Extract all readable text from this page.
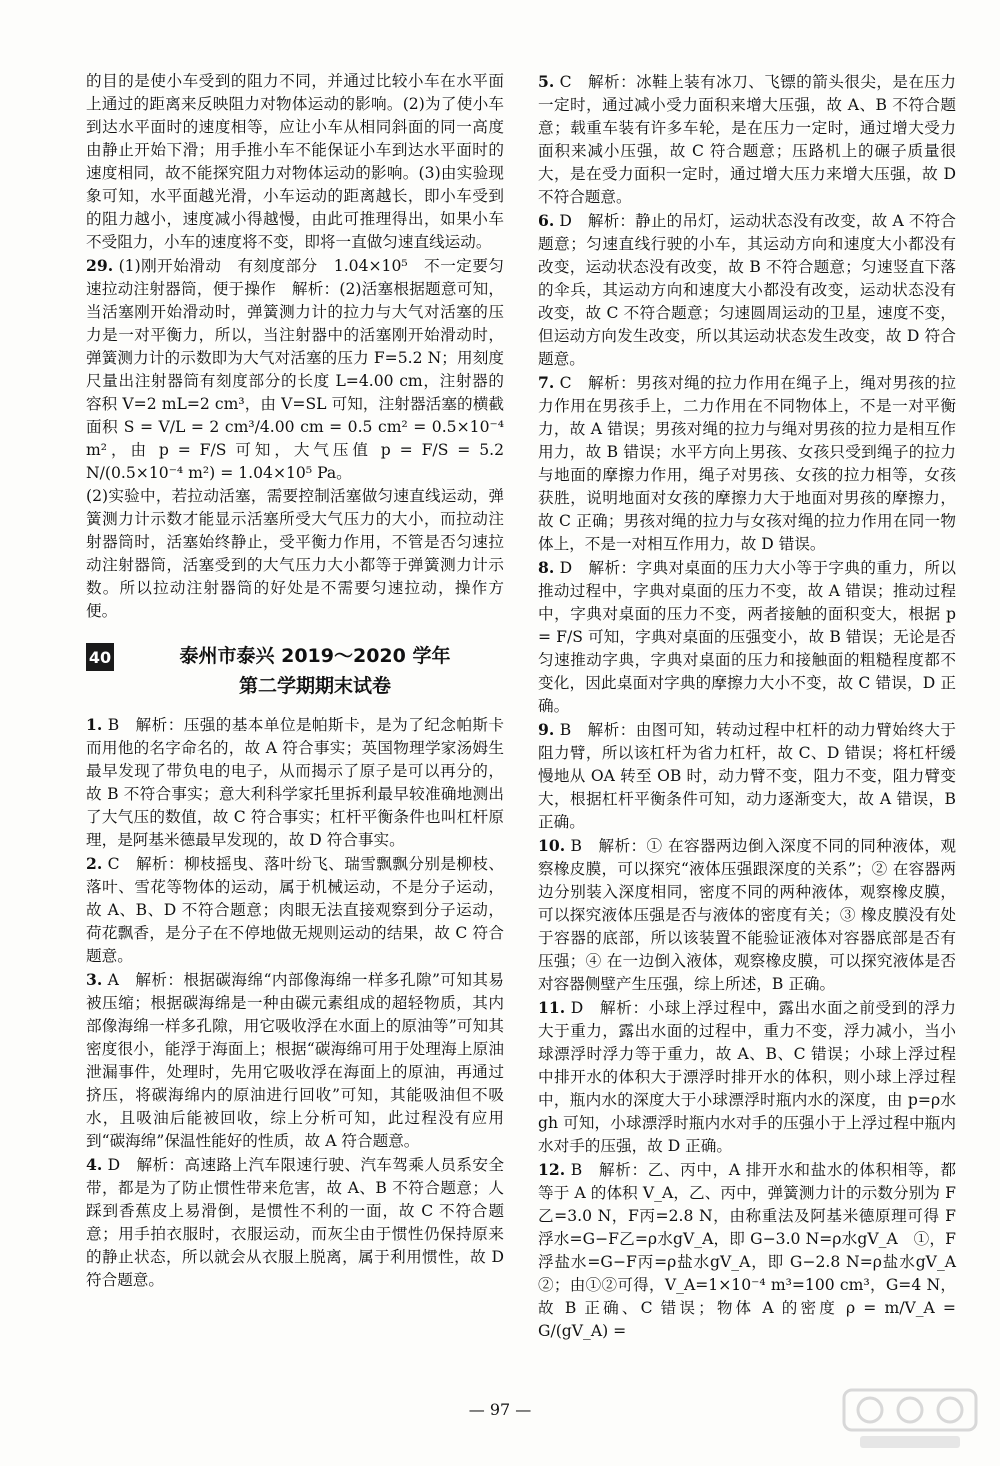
的目的是使小车受到的阻力不同，并通过比较小车在水平面上通过的距离来反映阻力对物体运动的影响。(2)为了使小车到达水平面时的速度相等，应让小车从相同斜面的同一高度由静止开始下滑；用手推小车不能保证小车到达水平面时的速度相同，故不能探究阻力对物体运动的影响。(3)由实验现象可知，水平面越光滑，小车运动的距离越长，即小车受到的阻力越小，速度减小得越慢，由此可推理得出，如果小车不受阻力，小车的速度将不变，即将一直做匀速直线运动。

29. (1)刚开始滑动　有刻度部分　1.04×10⁵　不一定要匀速拉动注射器筒，便于操作　解析：(2)活塞根据题意可知，当活塞刚开始滑动时，弹簧测力计的拉力与大气对活塞的压力是一对平衡力，所以，当注射器中的活塞刚开始滑动时，弹簧测力计的示数即为大气对活塞的压力 F=5.2 N；用刻度尺量出注射器筒有刻度部分的长度 L=4.00 cm，注射器的容积 V=2 mL=2 cm³，由 V=SL 可知，注射器活塞的横截面积 S = V/L = 2 cm³/4.00 cm = 0.5 cm² = 0.5×10⁻⁴ m²，由 p = F/S 可知，大气压值 p = F/S = 5.2 N/(0.5×10⁻⁴ m²) = 1.04×10⁵ Pa。

(2)实验中，若拉动活塞，需要控制活塞做匀速直线运动，弹簧测力计示数才能显示活塞所受大气压力的大小，而拉动注射器筒时，活塞始终静止，受平衡力作用，不管是否匀速拉动注射器筒，活塞受到的大气压力大小都等于弹簧测力计示数。所以拉动注射器筒的好处是不需要匀速拉动，操作方便。

40	泰州市泰兴 2019～2020 学年
第二学期期末试卷

1. B　解析：压强的基本单位是帕斯卡，是为了纪念帕斯卡而用他的名字命名的，故 A 符合事实；英国物理学家汤姆生最早发现了带负电的电子，从而揭示了原子是可以再分的，故 B 不符合事实；意大利科学家托里拆利最早较准确地测出了大气压的数值，故 C 符合事实；杠杆平衡条件也叫杠杆原理，是阿基米德最早发现的，故 D 符合事实。

2. C　解析：柳枝摇曳、落叶纷飞、瑞雪飘飘分别是柳枝、落叶、雪花等物体的运动，属于机械运动，不是分子运动，故 A、B、D 不符合题意；肉眼无法直接观察到分子运动，荷花飘香，是分子在不停地做无规则运动的结果，故 C 符合题意。

3. A　解析：根据碳海绵“内部像海绵一样多孔隙”可知其易被压缩；根据碳海绵是一种由碳元素组成的超轻物质，其内部像海绵一样多孔隙，用它吸收浮在水面上的原油等”可知其密度很小，能浮于海面上；根据“碳海绵可用于处理海上原油泄漏事件，处理时，先用它吸收浮在海面上的原油，再通过挤压，将碳海绵内的原油进行回收”可知，其能吸油但不吸水，且吸油后能被回收，综上分析可知，此过程没有应用到“碳海绵”保温性能好的性质，故 A 符合题意。

4. D　解析：高速路上汽车限速行驶、汽车驾乘人员系安全带，都是为了防止惯性带来危害，故 A、B 不符合题意；人踩到香蕉皮上易滑倒，是惯性不利的一面，故 C 不符合题意；用手拍衣服时，衣服运动，而灰尘由于惯性仍保持原来的静止状态，所以就会从衣服上脱离，属于利用惯性，故 D 符合题意。

5. C　解析：冰鞋上装有冰刀、飞镖的箭头很尖，是在压力一定时，通过减小受力面积来增大压强，故 A、B 不符合题意；载重车装有许多车轮，是在压力一定时，通过增大受力面积来减小压强，故 C 符合题意；压路机上的碾子质量很大，是在受力面积一定时，通过增大压力来增大压强，故 D 不符合题意。

6. D　解析：静止的吊灯，运动状态没有改变，故 A 不符合题意；匀速直线行驶的小车，其运动方向和速度大小都没有改变，运动状态没有改变，故 B 不符合题意；匀速竖直下落的伞兵，其运动方向和速度大小都没有改变，运动状态没有改变，故 C 不符合题意；匀速圆周运动的卫星，速度不变，但运动方向发生改变，所以其运动状态发生改变，故 D 符合题意。

7. C　解析：男孩对绳的拉力作用在绳子上，绳对男孩的拉力作用在男孩手上，二力作用在不同物体上，不是一对平衡力，故 A 错误；男孩对绳的拉力与绳对男孩的拉力是相互作用力，故 B 错误；水平方向上男孩、女孩只受到绳子的拉力与地面的摩擦力作用，绳子对男孩、女孩的拉力相等，女孩获胜，说明地面对女孩的摩擦力大于地面对男孩的摩擦力，故 C 正确；男孩对绳的拉力与女孩对绳的拉力作用在同一物体上，不是一对相互作用力，故 D 错误。

8. D　解析：字典对桌面的压力大小等于字典的重力，所以推动过程中，字典对桌面的压力不变，故 A 错误；推动过程中，字典对桌面的压力不变，两者接触的面积变大，根据 p = F/S 可知，字典对桌面的压强变小，故 B 错误；无论是否匀速推动字典，字典对桌面的压力和接触面的粗糙程度都不变化，因此桌面对字典的摩擦力大小不变，故 C 错误，D 正确。

9. B　解析：由图可知，转动过程中杠杆的动力臂始终大于阻力臂，所以该杠杆为省力杠杆，故 C、D 错误；将杠杆缓慢地从 OA 转至 OB 时，动力臂不变，阻力不变，阻力臂变大，根据杠杆平衡条件可知，动力逐渐变大，故 A 错误，B 正确。

10. B　解析：① 在容器两边倒入深度不同的同种液体，观察橡皮膜，可以探究“液体压强跟深度的关系”；② 在容器两边分别装入深度相同，密度不同的两种液体，观察橡皮膜，可以探究液体压强是否与液体的密度有关；③ 橡皮膜没有处于容器的底部，所以该装置不能验证液体对容器底部是否有压强；④ 在一边倒入液体，观察橡皮膜，可以探究液体是否对容器侧壁产生压强，综上所述，B 正确。

11. D　解析：小球上浮过程中，露出水面之前受到的浮力大于重力，露出水面的过程中，重力不变，浮力减小，当小球漂浮时浮力等于重力，故 A、B、C 错误；小球上浮过程中排开水的体积大于漂浮时排开水的体积，则小球上浮过程中，瓶内水的深度大于小球漂浮时瓶内水的深度，由 p=ρ水gh 可知，小球漂浮时瓶内水对手的压强小于上浮过程中瓶内水对手的压强，故 D 正确。

12. B　解析：乙、丙中，A 排开水和盐水的体积相等，都等于 A 的体积 V_A，乙、丙中，弹簧测力计的示数分别为 F乙=3.0 N，F丙=2.8 N，由称重法及阿基米德原理可得 F浮水=G−F乙=ρ水gV_A，即 G−3.0 N=ρ水gV_A　①，F浮盐水=G−F丙=ρ盐水gV_A，即 G−2.8 N=ρ盐水gV_A　②；由①②可得，V_A=1×10⁻⁴ m³=100 cm³，G=4 N，故 B 正确、C 错误；物体 A 的密度 ρ = m/V_A = G/(gV_A) =

— 97 —
